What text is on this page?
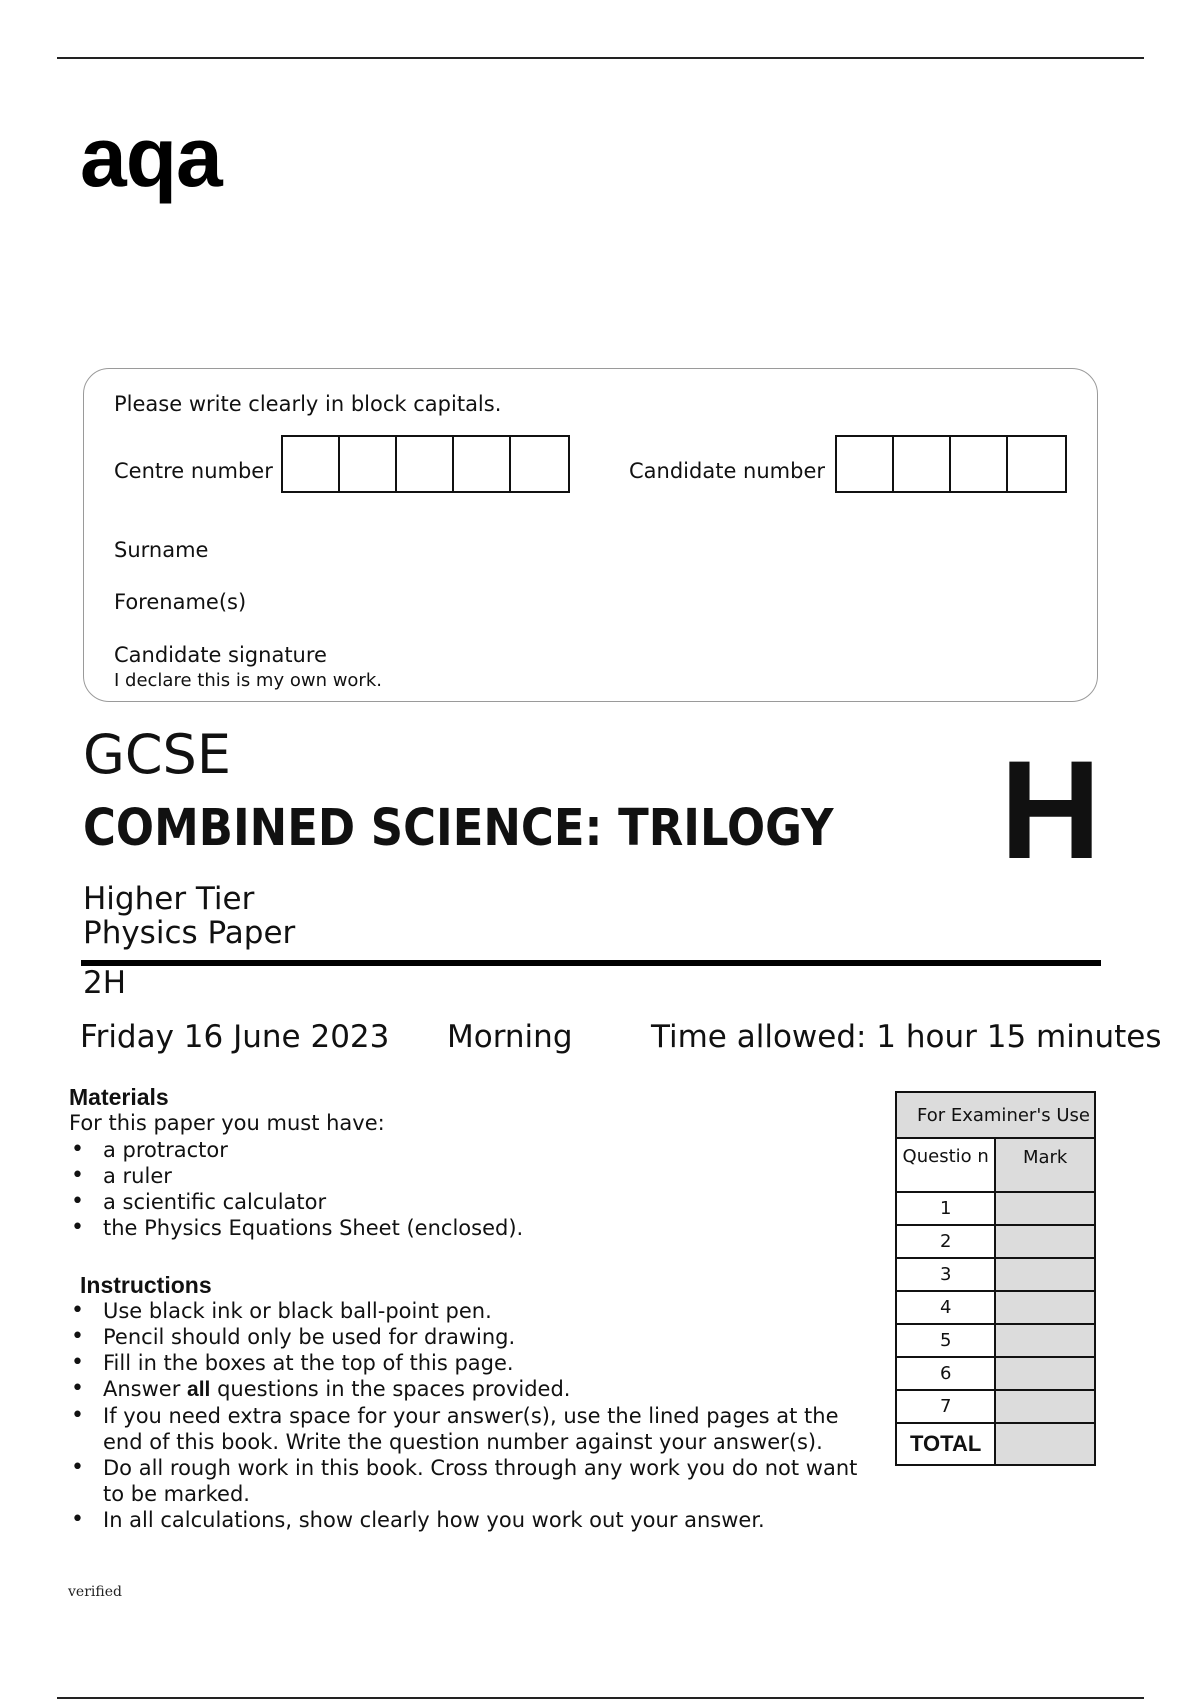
aqa
Please write clearly in block capitals.
Centre number	Candidate number
Surname
Forename(s)
Candidate signature
I declare this is my own work.
GCSE
COMBINED SCIENCE: TRILOGY H
Higher Tier
Physics Paper
2H
Friday 16 June 2023 Morning	Time allowed: 1 hour 15 minutes
Materials
For this paper you must have:
• a protractor
• a ruler
• a scientific calculator
• the Physics Equations Sheet (enclosed).
Instructions
• Use black ink or black ball-point pen.
• Pencil should only be used for drawing.
• Fill in the boxes at the top of this page.
• Answer all questions in the spaces provided.
• If you need extra space for your answer(s), use the lined pages at the end of this book. Write the question number against your answer(s).
• Do all rough work in this book. Cross through any work you do not want to be marked.
• In all calculations, show clearly how you work out your answer.
For Examiner's Use	
Questio n	Mark
1	
2	
3	
4	
5	
6	
7	
TOTAL	
verified
